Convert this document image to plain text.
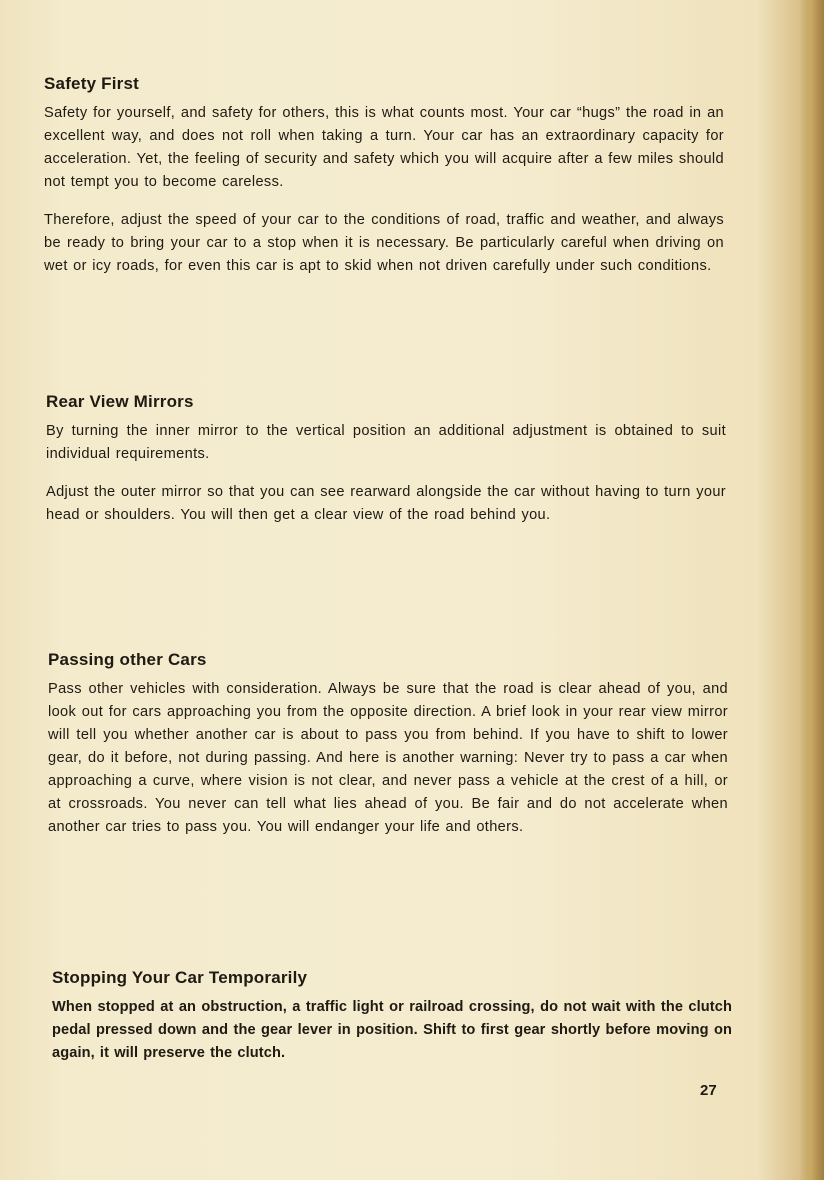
Safety First

Safety for yourself, and safety for others, this is what counts most. Your car “hugs” the road in an excellent way, and does not roll when taking a turn. Your car has an extraordinary capacity for acceleration. Yet, the feeling of security and safety which you will acquire after a few miles should not tempt you to become careless.

Therefore, adjust the speed of your car to the conditions of road, traffic and weather, and always be ready to bring your car to a stop when it is necessary. Be particularly careful when driving on wet or icy roads, for even this car is apt to skid when not driven carefully under such conditions.

Rear View Mirrors

By turning the inner mirror to the vertical position an additional adjustment is obtained to suit individual requirements.

Adjust the outer mirror so that you can see rearward alongside the car without having to turn your head or shoulders. You will then get a clear view of the road behind you.

Passing other Cars

Pass other vehicles with consideration. Always be sure that the road is clear ahead of you, and look out for cars approaching you from the opposite direction. A brief look in your rear view mirror will tell you whether another car is about to pass you from behind. If you have to shift to lower gear, do it before, not during passing. And here is another warning: Never try to pass a car when approaching a curve, where vision is not clear, and never pass a vehicle at the crest of a hill, or at crossroads. You never can tell what lies ahead of you. Be fair and do not accelerate when another car tries to pass you. You will endanger your life and others.

Stopping Your Car Temporarily

When stopped at an obstruction, a traffic light or railroad crossing, do not wait with the clutch pedal pressed down and the gear lever in position. Shift to first gear shortly before moving on again, it will preserve the clutch.

27
